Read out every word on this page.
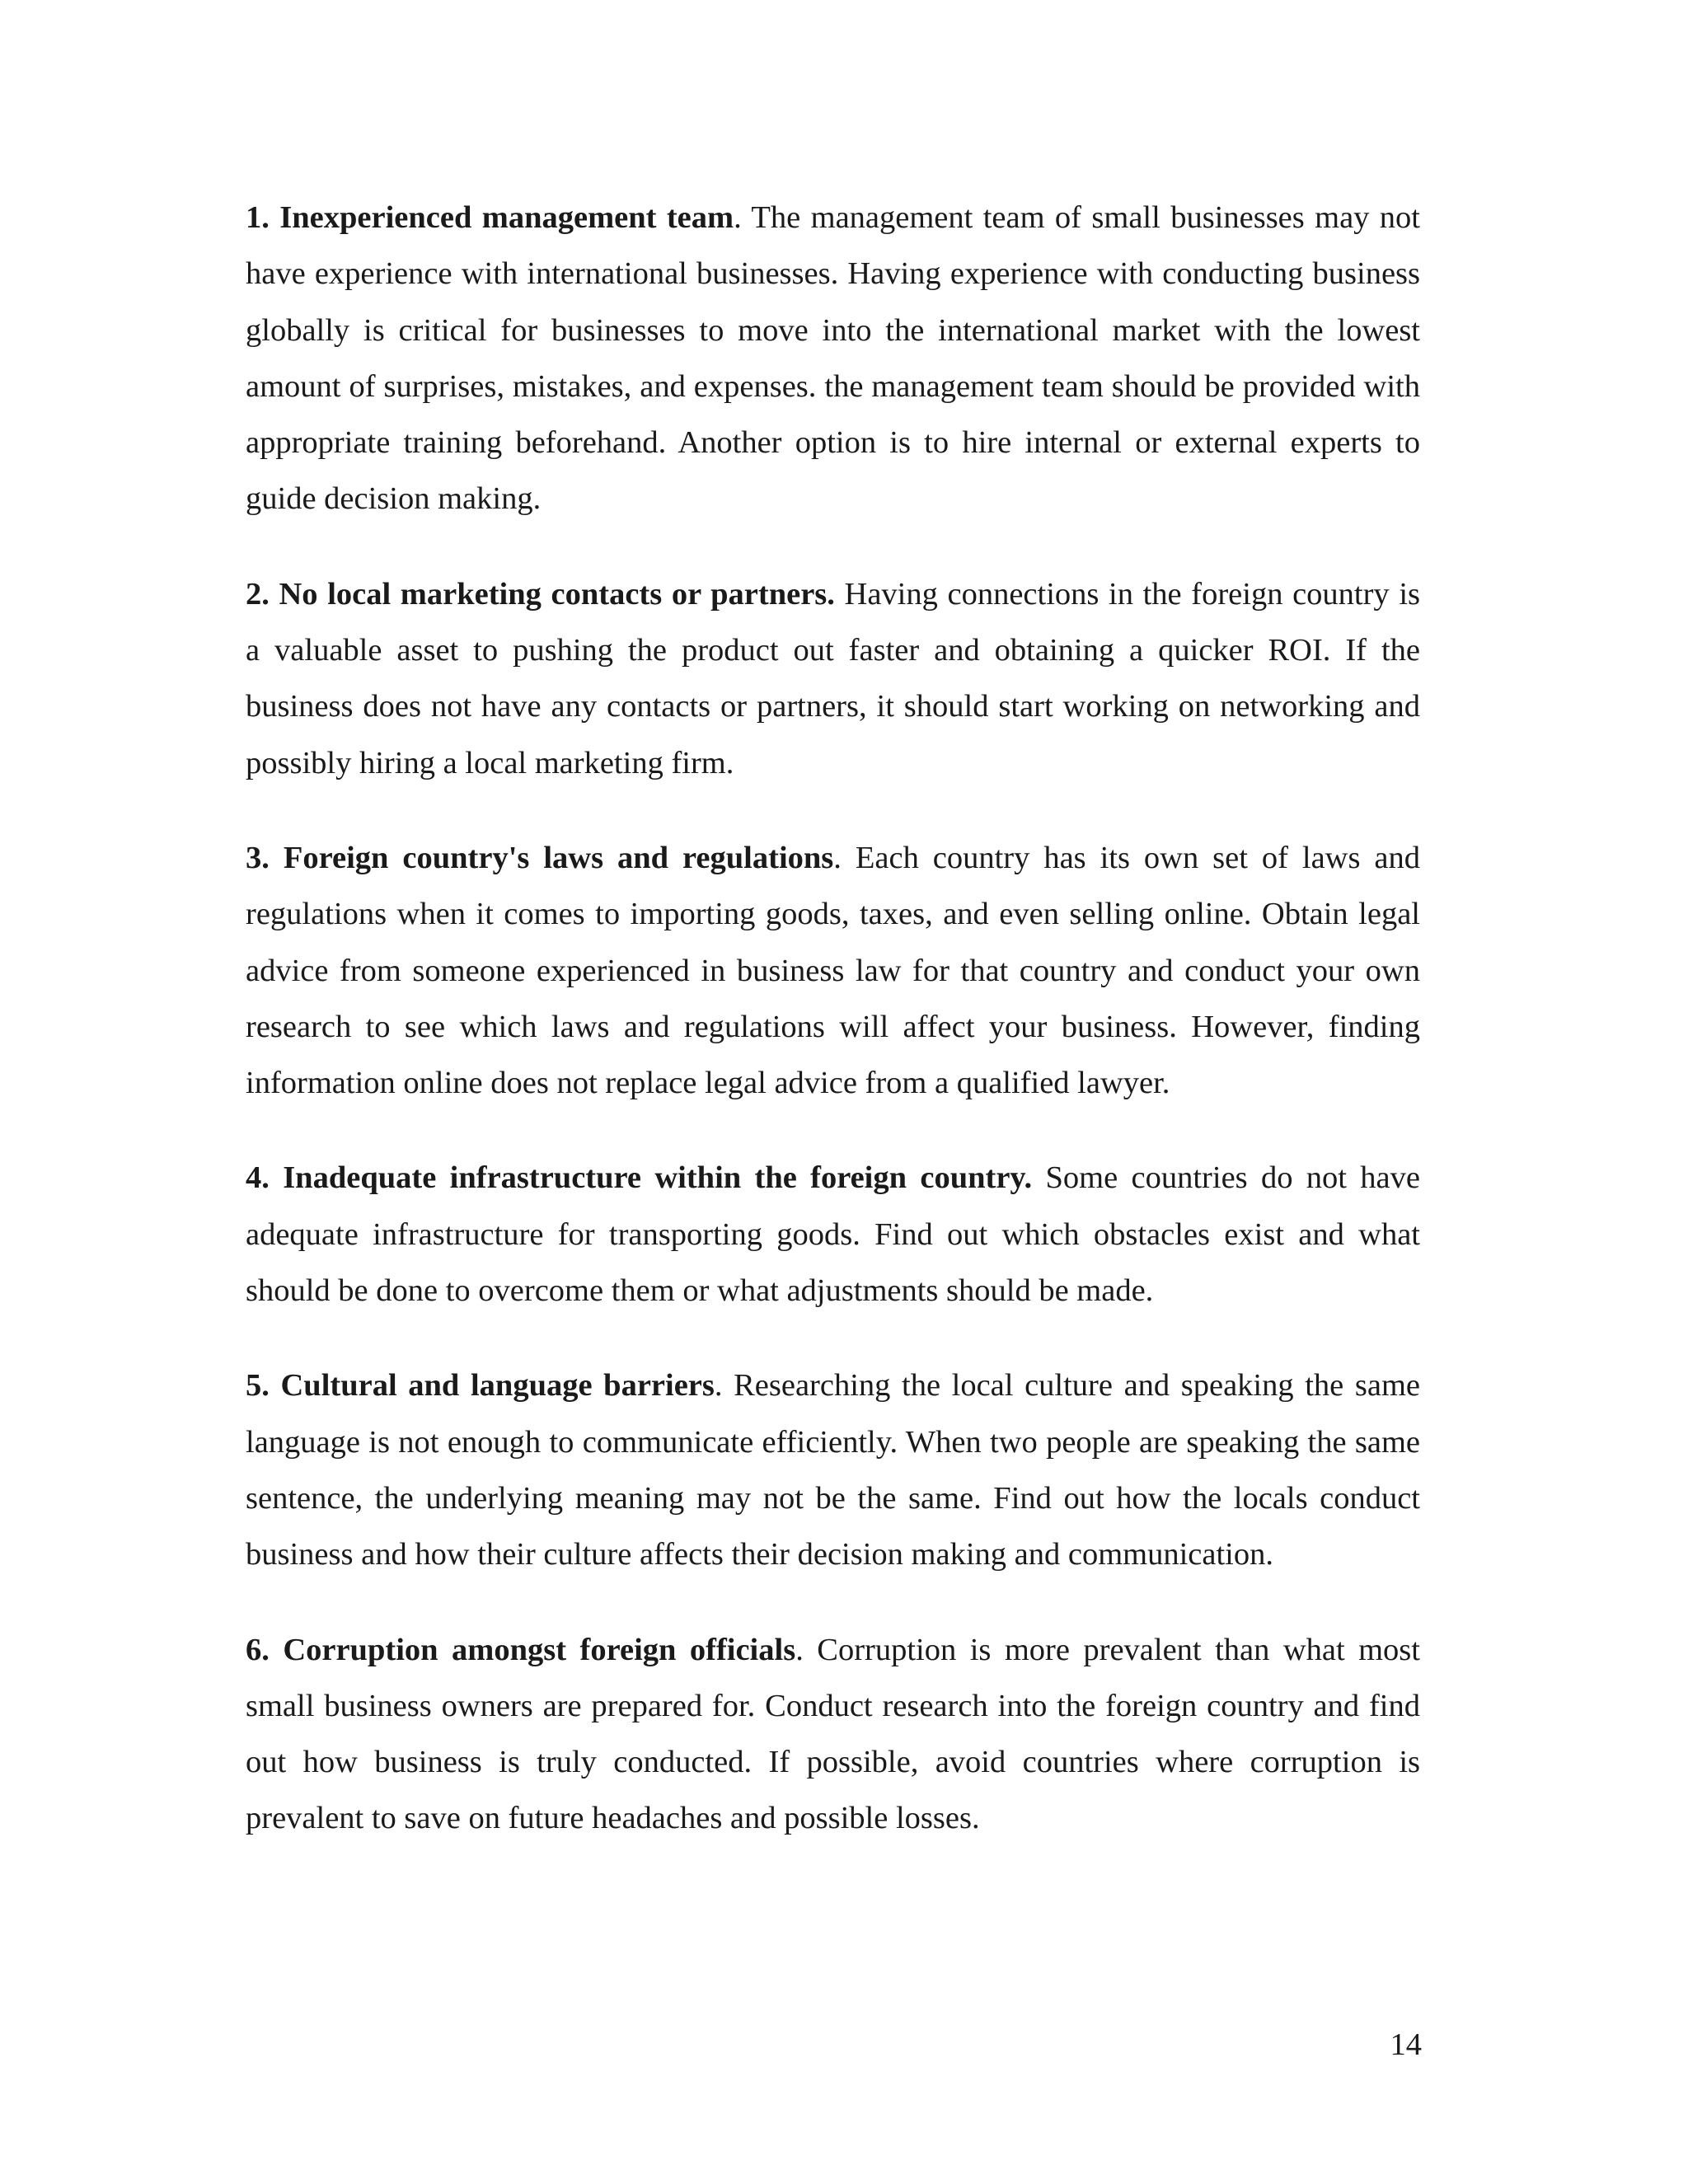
1. Inexperienced management team. The management team of small businesses may not have experience with international businesses. Having experience with conducting business globally is critical for businesses to move into the international market with the lowest amount of surprises, mistakes, and expenses. the management team should be provided with appropriate training beforehand. Another option is to hire internal or external experts to guide decision making.

2. No local marketing contacts or partners. Having connections in the foreign country is a valuable asset to pushing the product out faster and obtaining a quicker ROI. If the business does not have any contacts or partners, it should start working on networking and possibly hiring a local marketing firm.

3. Foreign country's laws and regulations. Each country has its own set of laws and regulations when it comes to importing goods, taxes, and even selling online. Obtain legal advice from someone experienced in business law for that country and conduct your own research to see which laws and regulations will affect your business. However, finding information online does not replace legal advice from a qualified lawyer.

4. Inadequate infrastructure within the foreign country. Some countries do not have adequate infrastructure for transporting goods. Find out which obstacles exist and what should be done to overcome them or what adjustments should be made.

5. Cultural and language barriers. Researching the local culture and speaking the same language is not enough to communicate efficiently. When two people are speaking the same sentence, the underlying meaning may not be the same. Find out how the locals conduct business and how their culture affects their decision making and communication.

6. Corruption amongst foreign officials. Corruption is more prevalent than what most small business owners are prepared for. Conduct research into the foreign country and find out how business is truly conducted. If possible, avoid countries where corruption is prevalent to save on future headaches and possible losses.

14
